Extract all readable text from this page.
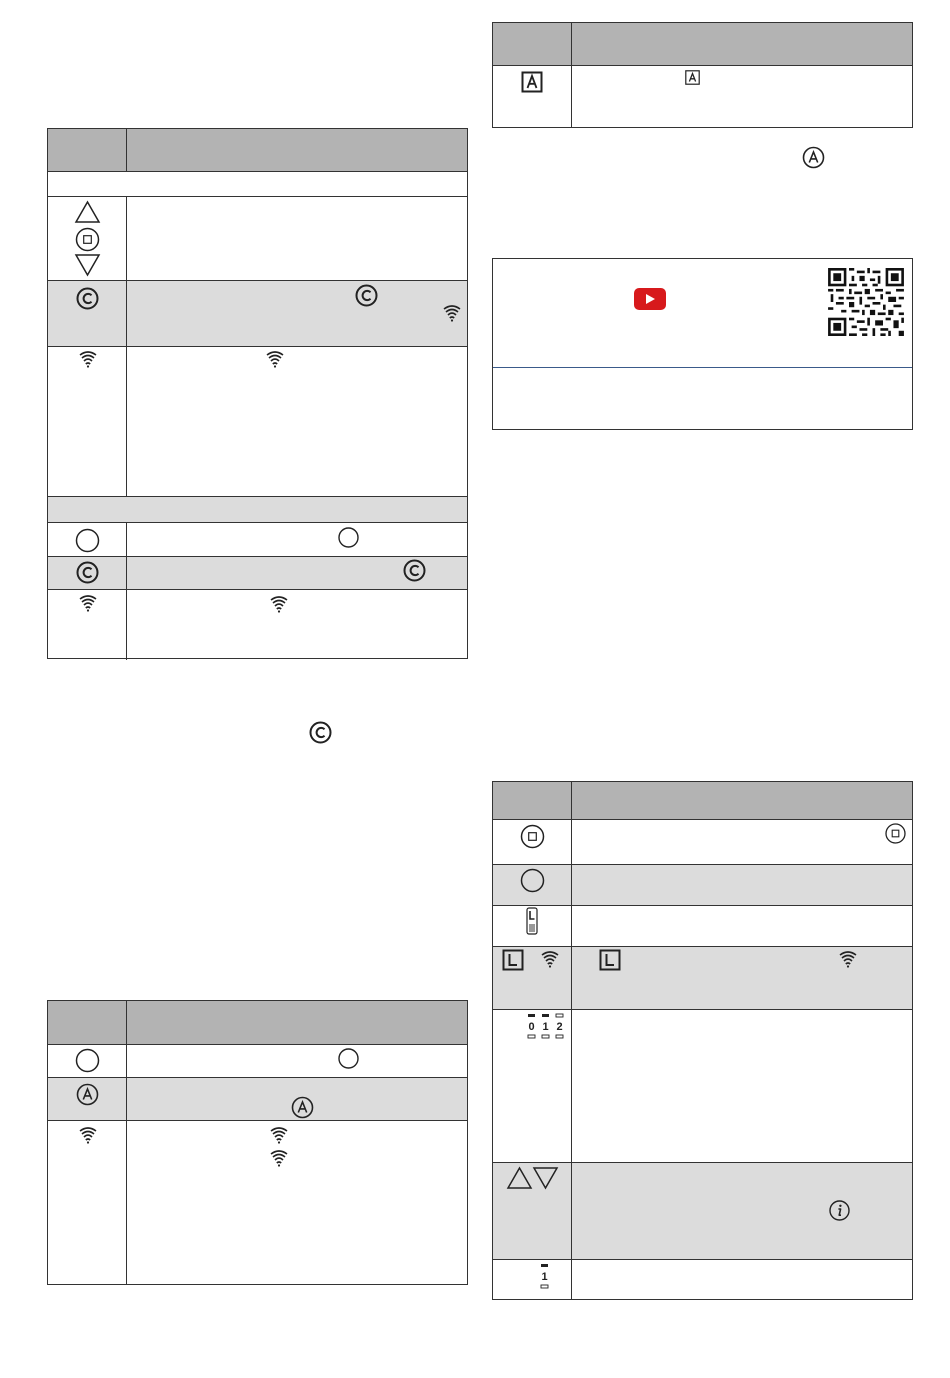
0 1 2
1
